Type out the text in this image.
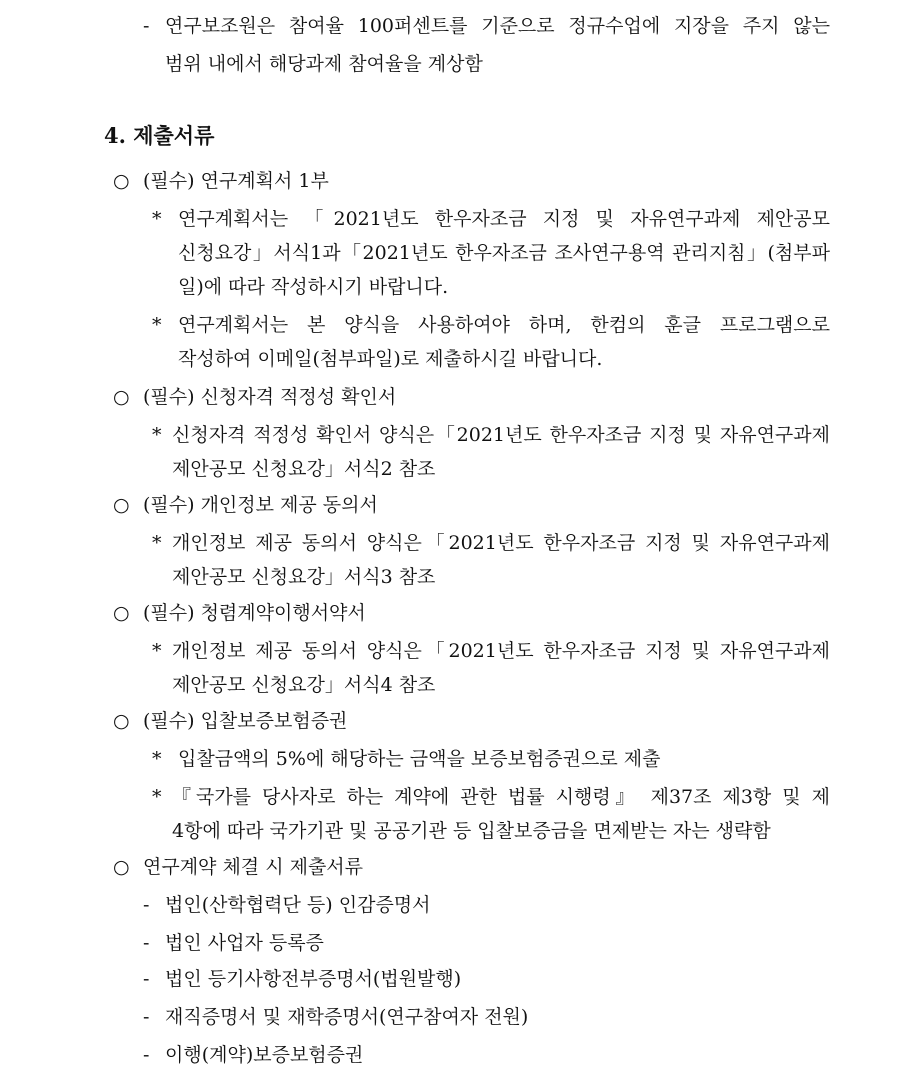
- 연구보조원은 참여율 100퍼센트를 기준으로 정규수업에 지장을 주지 않는
범위 내에서 해당과제 참여율을 계상함
4. 제출서류
○ (필수) 연구계획서 1부
* 연구계획서는 「2021년도 한우자조금 지정 및 자유연구과제 제안공모
신청요강」서식1과「2021년도 한우자조금 조사연구용역 관리지침」(첨부파
일)에 따라 작성하시기 바랍니다.
* 연구계획서는 본 양식을 사용하여야 하며, 한컴의 훈글 프로그램으로
작성하여 이메일(첨부파일)로 제출하시길 바랍니다.
○ (필수) 신청자격 적정성 확인서
* 신청자격 적정성 확인서 양식은「2021년도 한우자조금 지정 및 자유연구과제
제안공모 신청요강」서식2 참조
○ (필수) 개인정보 제공 동의서
* 개인정보 제공 동의서 양식은「2021년도 한우자조금 지정 및 자유연구과제
제안공모 신청요강」서식3 참조
○ (필수) 청렴계약이행서약서
* 개인정보 제공 동의서 양식은「2021년도 한우자조금 지정 및 자유연구과제
제안공모 신청요강」서식4 참조
○ (필수) 입찰보증보험증권
* 입찰금액의 5%에 해당하는 금액을 보증보험증권으로 제출
* 『국가를 당사자로 하는 계약에 관한 법률 시행령』 제37조 제3항 및 제
4항에 따라 국가기관 및 공공기관 등 입찰보증금을 면제받는 자는 생략함
○ 연구계약 체결 시 제출서류
- 법인(산학협력단 등) 인감증명서
- 법인 사업자 등록증
- 법인 등기사항전부증명서(법원발행)
- 재직증명서 및 재학증명서(연구참여자 전원)
- 이행(계약)보증보험증권
